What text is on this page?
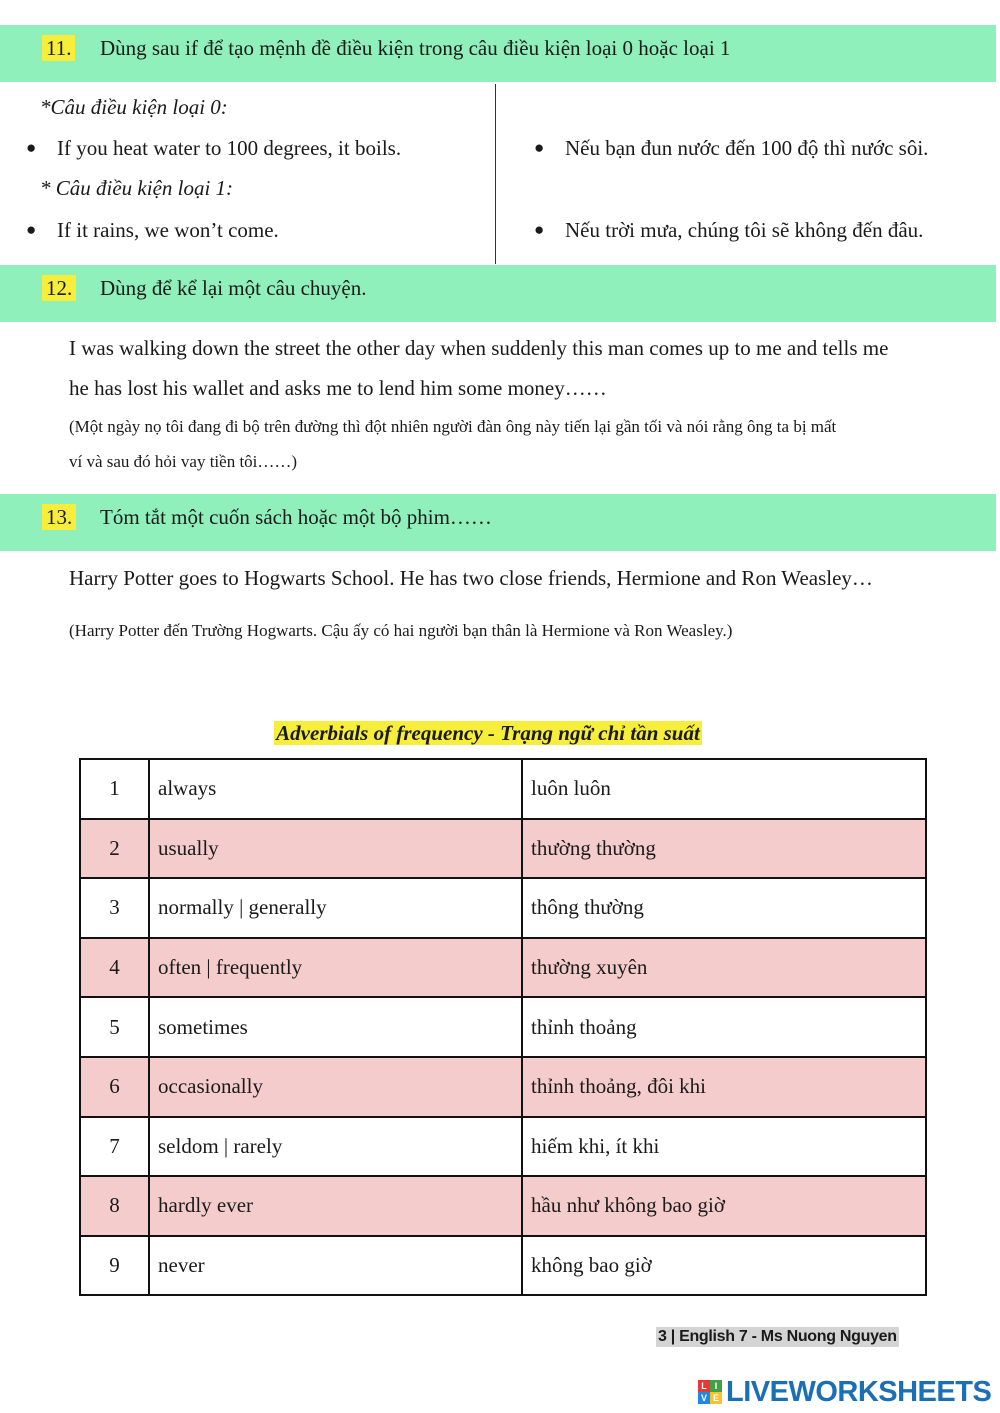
11. Dùng sau if để tạo mệnh đề điều kiện trong câu điều kiện loại 0 hoặc loại 1
*Câu điều kiện loại 0:
● If you heat water to 100 degrees, it boils.	● Nếu bạn đun nước đến 100 độ thì nước sôi.
* Câu điều kiện loại 1:
● If it rains, we won’t come.	● Nếu trời mưa, chúng tôi sẽ không đến đâu.
12. Dùng để kể lại một câu chuyện.
I was walking down the street the other day when suddenly this man comes up to me and tells me
he has lost his wallet and asks me to lend him some money……
(Một ngày nọ tôi đang đi bộ trên đường thì đột nhiên người đàn ông này tiến lại gần tối và nói rằng ông ta bị mất
ví và sau đó hỏi vay tiền tôi……)
13. Tóm tắt một cuốn sách hoặc một bộ phim……
Harry Potter goes to Hogwarts School. He has two close friends, Hermione and Ron Weasley…
(Harry Potter đến Trường Hogwarts. Cậu ấy có hai người bạn thân là Hermione và Ron Weasley.)
Adverbials of frequency - Trạng ngữ chỉ tần suất
1	always	luôn luôn
2	usually	thường thường
3	normally | generally	thông thường
4	often | frequently	thường xuyên
5	sometimes	thỉnh thoảng
6	occasionally	thỉnh thoảng, đôi khi
7	seldom | rarely	hiếm khi, ít khi
8	hardly ever	hầu như không bao giờ
9	never	không bao giờ
3 | English 7 - Ms Nuong Nguyen
L I
V E LIVEWORKSHEETS
